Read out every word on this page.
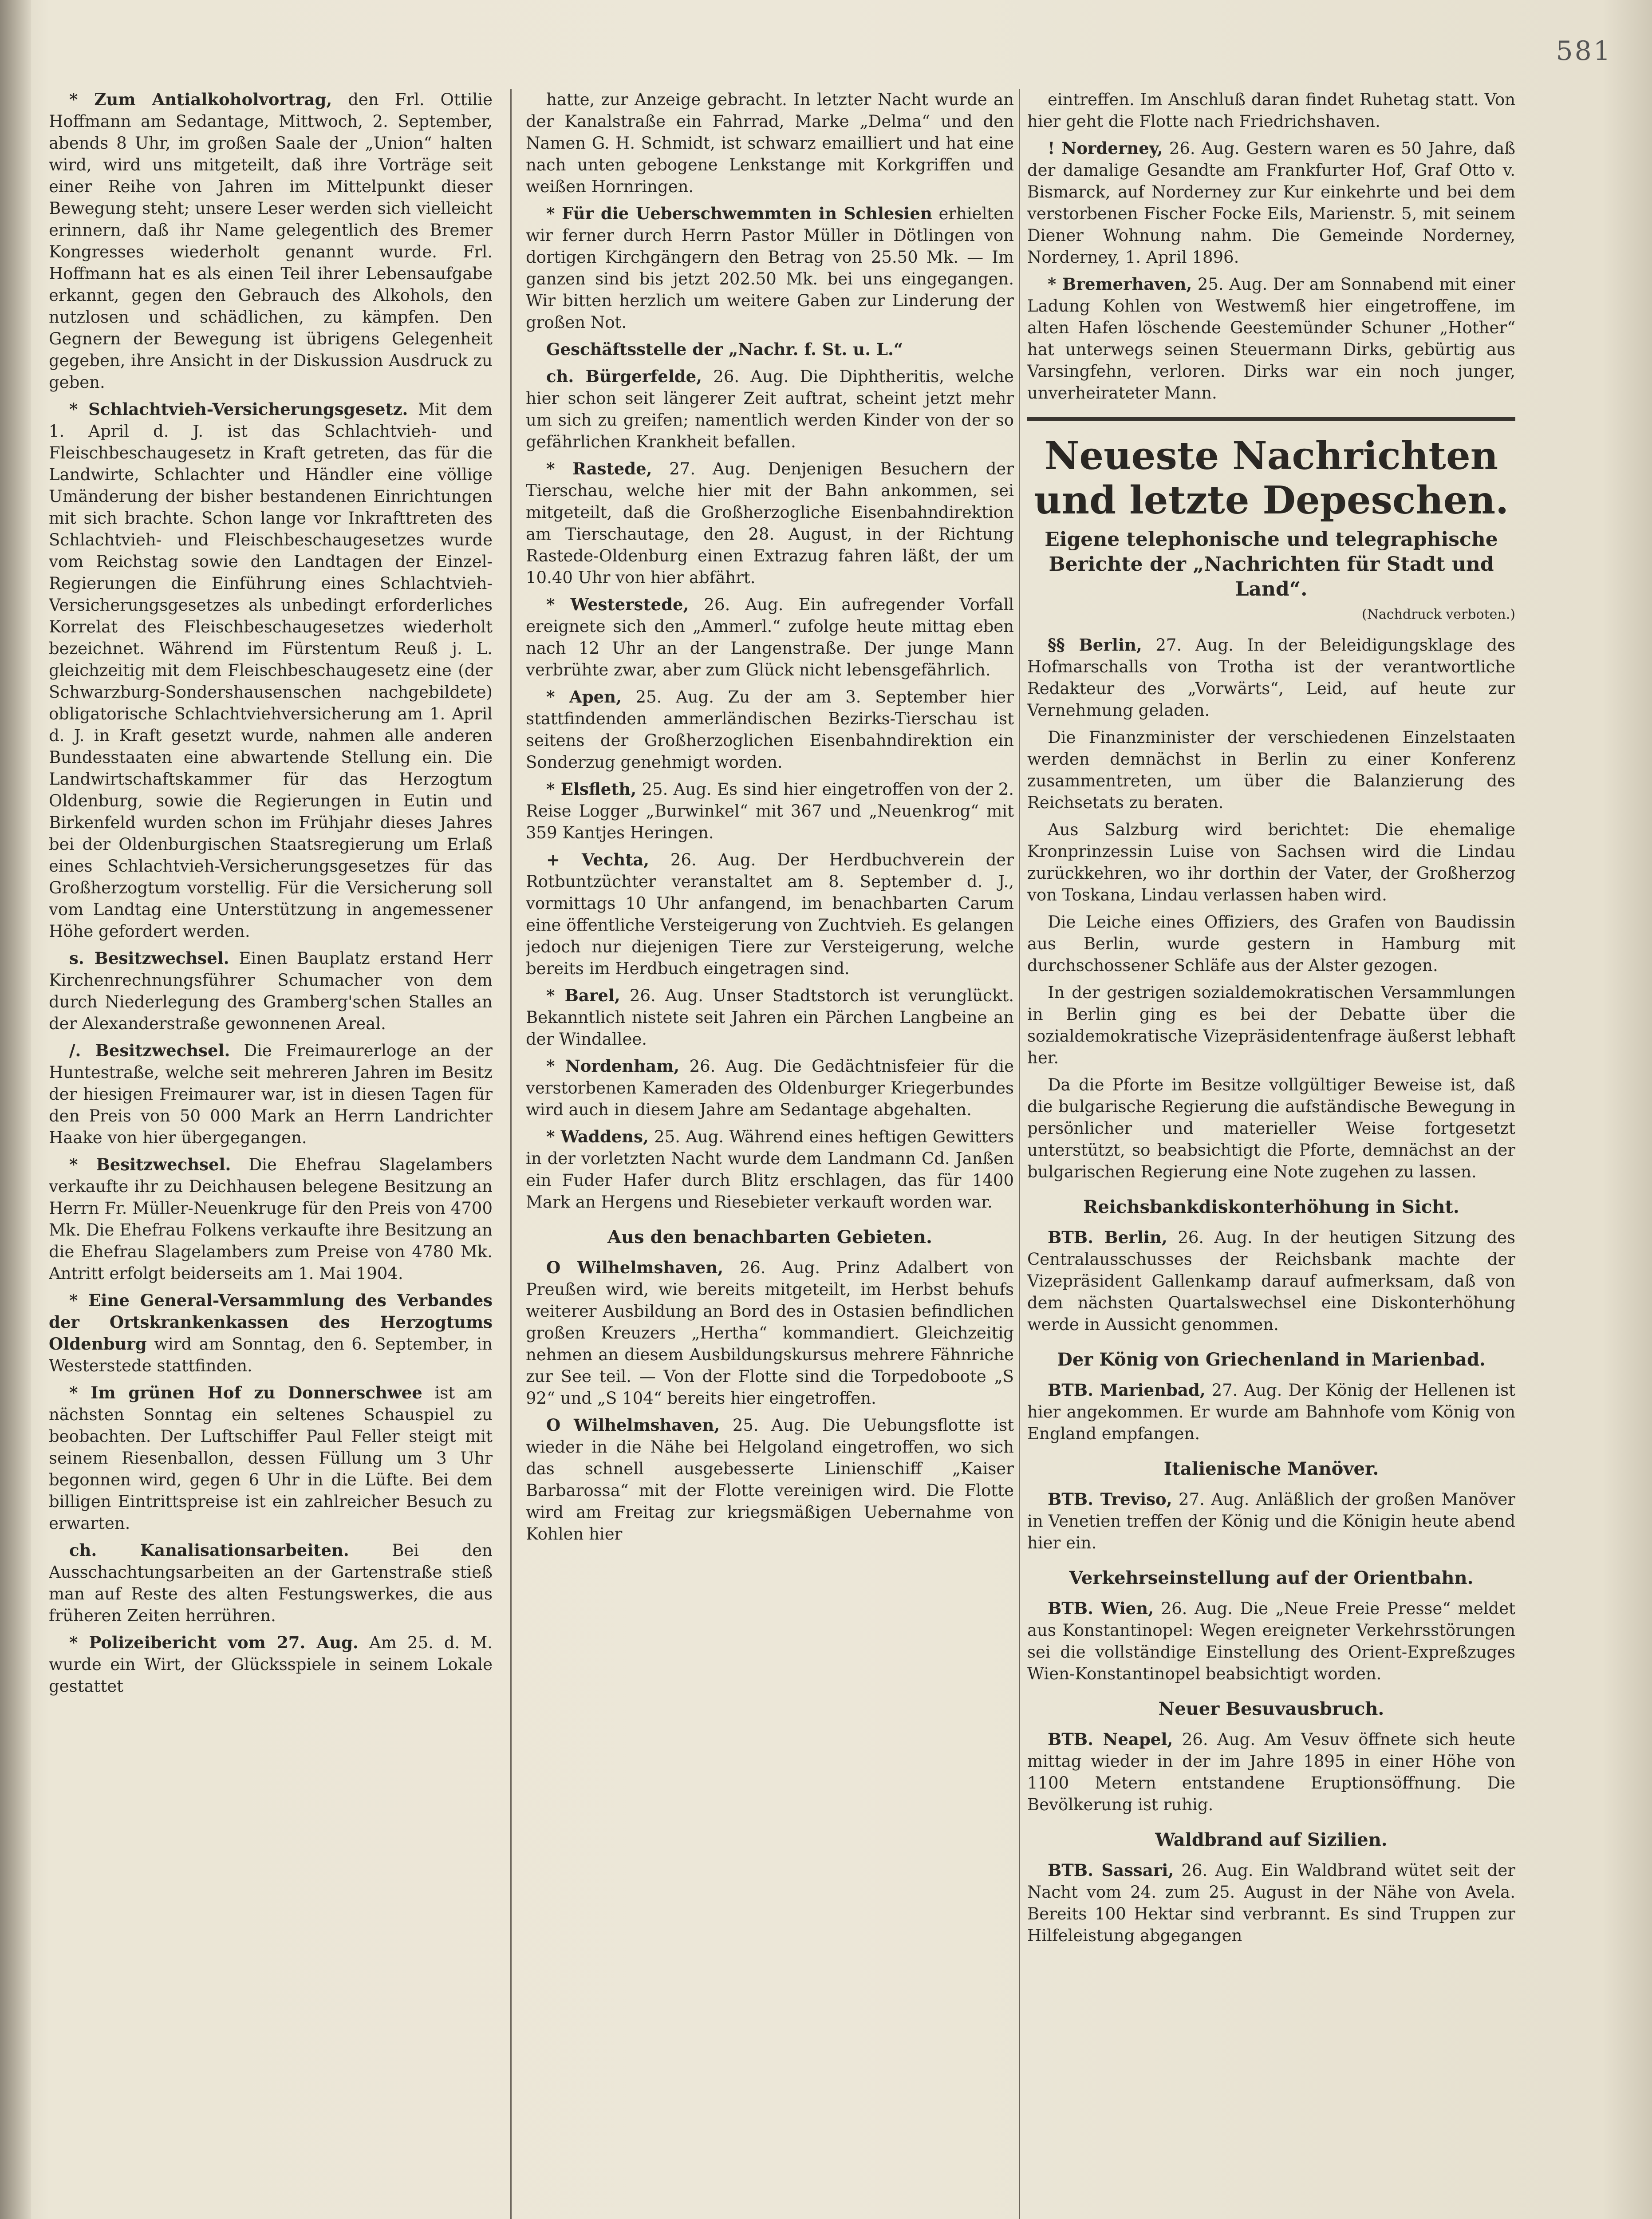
581

* Zum Antialkoholvortrag, den Frl. Ottilie Hoffmann am Sedantage, Mittwoch, 2. September, abends 8 Uhr, im großen Saale der „Union“ halten wird, wird uns mitgeteilt, daß ihre Vorträge seit einer Reihe von Jahren im Mittelpunkt dieser Bewegung steht; unsere Leser werden sich vielleicht erinnern, daß ihr Name gelegentlich des Bremer Kongresses wiederholt genannt wurde. Frl. Hoffmann hat es als einen Teil ihrer Lebensaufgabe erkannt, gegen den Gebrauch des Alkohols, den nutzlosen und schädlichen, zu kämpfen. Den Gegnern der Bewegung ist übrigens Gelegenheit gegeben, ihre Ansicht in der Diskussion Ausdruck zu geben.

* Schlachtvieh-Versicherungsgesetz. Mit dem 1. April d. J. ist das Schlachtvieh- und Fleischbeschaugesetz in Kraft getreten, das für die Landwirte, Schlachter und Händler eine völlige Umänderung der bisher bestandenen Einrichtungen mit sich brachte. Schon lange vor Inkrafttreten des Schlachtvieh- und Fleischbeschaugesetzes wurde vom Reichstag sowie den Landtagen der Einzel-Regierungen die Einführung eines Schlachtvieh-Versicherungsgesetzes als unbedingt erforderliches Korrelat des Fleischbeschaugesetzes wiederholt bezeichnet. Während im Fürstentum Reuß j. L. gleichzeitig mit dem Fleischbeschaugesetz eine (der Schwarzburg-Sondershausenschen nachgebildete) obligatorische Schlachtviehversicherung am 1. April d. J. in Kraft gesetzt wurde, nahmen alle anderen Bundesstaaten eine abwartende Stellung ein. Die Landwirtschaftskammer für das Herzogtum Oldenburg, sowie die Regierungen in Eutin und Birkenfeld wurden schon im Frühjahr dieses Jahres bei der Oldenburgischen Staatsregierung um Erlaß eines Schlachtvieh-Versicherungsgesetzes für das Großherzogtum vorstellig. Für die Versicherung soll vom Landtag eine Unterstützung in angemessener Höhe gefordert werden.

s. Besitzwechsel. Einen Bauplatz erstand Herr Kirchenrechnungsführer Schumacher von dem durch Niederlegung des Gramberg'schen Stalles an der Alexanderstraße gewonnenen Areal.

/. Besitzwechsel. Die Freimaurerloge an der Huntestraße, welche seit mehreren Jahren im Besitz der hiesigen Freimaurer war, ist in diesen Tagen für den Preis von 50 000 Mark an Herrn Landrichter Haake von hier übergegangen.

* Besitzwechsel. Die Ehefrau Slagelambers verkaufte ihr zu Deichhausen belegene Besitzung an Herrn Fr. Müller-Neuenkruge für den Preis von 4700 Mk. Die Ehefrau Folkens verkaufte ihre Besitzung an die Ehefrau Slagelambers zum Preise von 4780 Mk. Antritt erfolgt beiderseits am 1. Mai 1904.

* Eine General-Versammlung des Verbandes der Ortskrankenkassen des Herzogtums Oldenburg wird am Sonntag, den 6. September, in Westerstede stattfinden.

* Im grünen Hof zu Donnerschwee ist am nächsten Sonntag ein seltenes Schauspiel zu beobachten. Der Luftschiffer Paul Feller steigt mit seinem Riesenballon, dessen Füllung um 3 Uhr begonnen wird, gegen 6 Uhr in die Lüfte. Bei dem billigen Eintrittspreise ist ein zahlreicher Besuch zu erwarten.

ch. Kanalisationsarbeiten.	Bei den Ausschachtungsarbeiten an der Gartenstraße stieß man auf Reste des alten Festungswerkes, die aus früheren Zeiten herrühren.

* Polizeibericht vom 27. Aug. Am 25. d. M. wurde ein Wirt, der Glücksspiele in seinem Lokale gestattet

hatte, zur Anzeige gebracht. In letzter Nacht wurde an der Kanalstraße ein Fahrrad, Marke „Delma“ und den Namen G. H. Schmidt, ist schwarz emailliert und hat eine nach unten gebogene Lenkstange mit Korkgriffen und weißen Hornringen.

* Für die Ueberschwemmten in Schlesien erhielten wir ferner durch Herrn Pastor Müller in Dötlingen von dortigen Kirchgängern den Betrag von 25.50 Mk. — Im ganzen sind bis jetzt 202.50 Mk. bei uns eingegangen. Wir bitten herzlich um weitere Gaben zur Linderung der großen Not.

Geschäftsstelle der „Nachr. f. St. u. L.“

ch. Bürgerfelde, 26. Aug. Die Diphtheritis, welche hier schon seit längerer Zeit auftrat, scheint jetzt mehr um sich zu greifen; namentlich werden Kinder von der so gefährlichen Krankheit befallen.

* Rastede, 27. Aug. Denjenigen Besuchern der Tierschau, welche hier mit der Bahn ankommen, sei mitgeteilt, daß die Großherzogliche Eisenbahndirektion am Tierschautage, den 28. August, in der Richtung Rastede-Oldenburg einen Extrazug fahren läßt, der um 10.40 Uhr von hier abfährt.

* Westerstede, 26. Aug. Ein aufregender Vorfall ereignete sich den „Ammerl.“ zufolge heute mittag eben nach 12 Uhr an der Langenstraße. Der junge Mann verbrühte zwar, aber zum Glück nicht lebensgefährlich.

* Apen, 25. Aug. Zu der am 3. September hier stattfindenden ammerländischen Bezirks-Tierschau ist seitens der Großherzoglichen Eisenbahndirektion ein Sonderzug genehmigt worden.

* Elsfleth, 25. Aug. Es sind hier eingetroffen von der 2. Reise Logger „Burwinkel“ mit 367 und „Neuenkrog“ mit 359 Kantjes Heringen.

+ Vechta, 26. Aug. Der Herdbuchverein der Rotbuntzüchter veranstaltet am 8. September d. J., vormittags 10 Uhr anfangend, im benachbarten Carum eine öffentliche Versteigerung von Zuchtvieh. Es gelangen jedoch nur diejenigen Tiere zur Versteigerung, welche bereits im Herdbuch eingetragen sind.

* Barel, 26. Aug. Unser Stadtstorch ist verunglückt. Bekanntlich nistete seit Jahren ein Pärchen Langbeine an der Windallee.

* Nordenham, 26. Aug. Die Gedächtnisfeier für die verstorbenen Kameraden des Oldenburger Kriegerbundes wird auch in diesem Jahre am Sedantage abgehalten.

* Waddens, 25. Aug. Während eines heftigen Gewitters in der vorletzten Nacht wurde dem Landmann Cd. Janßen ein Fuder Hafer durch Blitz erschlagen, das für 1400 Mark an Hergens und Riesebieter verkauft worden war.

Aus den benachbarten Gebieten.

O Wilhelmshaven, 26. Aug. Prinz Adalbert von Preußen wird, wie bereits mitgeteilt, im Herbst behufs weiterer Ausbildung an Bord des in Ostasien befindlichen großen Kreuzers „Hertha“ kommandiert. Gleichzeitig nehmen an diesem Ausbildungskursus mehrere Fähnriche zur See teil. — Von der Flotte sind die Torpedoboote „S 92“ und „S 104“ bereits hier eingetroffen.

O Wilhelmshaven, 25. Aug. Die Uebungsflotte ist wieder in die Nähe bei Helgoland eingetroffen, wo sich das schnell ausgebesserte Linienschiff „Kaiser Barbarossa“ mit der Flotte vereinigen wird. Die Flotte wird am Freitag zur kriegsmäßigen Uebernahme von Kohlen hier

eintreffen. Im Anschluß daran findet Ruhetag statt. Von hier geht die Flotte nach Friedrichshaven.

! Norderney, 26. Aug. Gestern waren es 50 Jahre, daß der damalige Gesandte am Frankfurter Hof, Graf Otto v. Bismarck, auf Norderney zur Kur einkehrte und bei dem verstorbenen Fischer Focke Eils, Marienstr. 5, mit seinem Diener Wohnung nahm. Die Gemeinde Norderney, Norderney, 1. April 1896.

* Bremerhaven, 25. Aug. Der am Sonnabend mit einer Ladung Kohlen von Westwemß hier eingetroffene, im alten Hafen löschende Geestemünder Schuner „Hother“ hat unterwegs seinen Steuermann Dirks, gebürtig aus Varsingfehn, verloren. Dirks war ein noch junger, unverheirateter Mann.

Neueste Nachrichten und letzte Depeschen.
Eigene telephonische und telegraphische Berichte der „Nachrichten für Stadt und Land“.
(Nachdruck verboten.)

§§ Berlin, 27. Aug. In der Beleidigungsklage des Hofmarschalls von Trotha ist der verantwortliche Redakteur des „Vorwärts“, Leid, auf heute zur Vernehmung geladen.

Die Finanzminister der verschiedenen Einzelstaaten werden demnächst in Berlin zu einer Konferenz zusammentreten, um über die Balanzierung des Reichsetats zu beraten.

Aus Salzburg wird berichtet: Die ehemalige Kronprinzessin Luise von Sachsen wird die Lindau zurückkehren, wo ihr dorthin der Vater, der Großherzog von Toskana, Lindau verlassen haben wird.

Die Leiche eines Offiziers, des Grafen von Baudissin aus Berlin, wurde gestern in Hamburg mit durchschossener Schläfe aus der Alster gezogen.

In der gestrigen sozialdemokratischen Versammlungen in Berlin ging es bei der Debatte über die sozialdemokratische Vizepräsidentenfrage äußerst lebhaft her.

Da die Pforte im Besitze vollgültiger Beweise ist, daß die bulgarische Regierung die aufständische Bewegung in persönlicher und materieller Weise fortgesetzt unterstützt, so beabsichtigt die Pforte, demnächst an der bulgarischen Regierung eine Note zugehen zu lassen.

Reichsbankdiskonterhöhung in Sicht.

BTB. Berlin, 26. Aug. In der heutigen Sitzung des Centralausschusses der Reichsbank machte der Vizepräsident Gallenkamp darauf aufmerksam, daß von dem nächsten Quartalswechsel eine Diskonterhöhung werde in Aussicht genommen.

Der König von Griechenland in Marienbad.

BTB. Marienbad, 27. Aug. Der König der Hellenen ist hier angekommen. Er wurde am Bahnhofe vom König von England empfangen.

Italienische Manöver.

BTB. Treviso, 27. Aug. Anläßlich der großen Manöver in Venetien treffen der König und die Königin heute abend hier ein.

Verkehrseinstellung auf der Orientbahn.

BTB. Wien, 26. Aug. Die „Neue Freie Presse“ meldet aus Konstantinopel: Wegen ereigneter Verkehrsstörungen sei die vollständige Einstellung des Orient-Expreßzuges Wien-Konstantinopel beabsichtigt worden.

Neuer Besuvausbruch.

BTB. Neapel, 26. Aug. Am Vesuv öffnete sich heute mittag wieder in der im Jahre 1895 in einer Höhe von 1100 Metern entstandene Eruptionsöffnung. Die Bevölkerung ist ruhig.

Waldbrand auf Sizilien.

BTB. Sassari, 26. Aug. Ein Waldbrand wütet seit der Nacht vom 24. zum 25. August in der Nähe von Avela. Bereits 100 Hektar sind verbrannt. Es sind Truppen zur Hilfeleistung abgegangen
